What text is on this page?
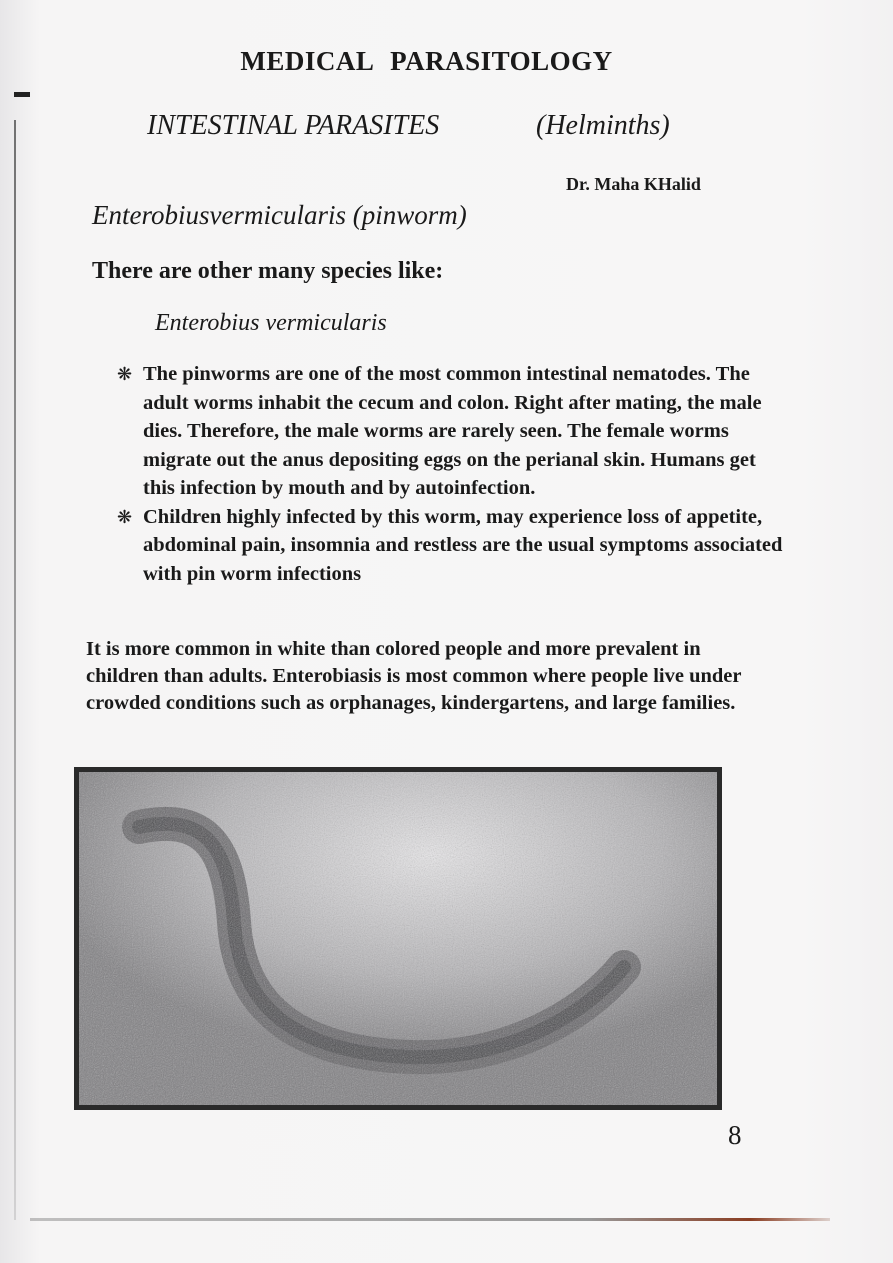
MEDICAL PARASITOLOGY
INTESTINAL PARASITES	(Helminths)
Dr. Maha KHalid
Enterobiusvermicularis (pinworm)
There are other many species like:
Enterobius vermicularis
❋ The pinworms are one of the most common intestinal nematodes. The adult worms inhabit the cecum and colon. Right after mating, the male dies. Therefore, the male worms are rarely seen. The female worms migrate out the anus depositing eggs on the perianal skin. Humans get this infection by mouth and by autoinfection.
❋ Children highly infected by this worm, may experience loss of appetite, abdominal pain, insomnia and restless are the usual symptoms associated with pin worm infections

It is more common in white than colored people and more prevalent in children than adults. Enterobiasis is most common where people live under crowded conditions such as orphanages, kindergartens, and large families.

8
